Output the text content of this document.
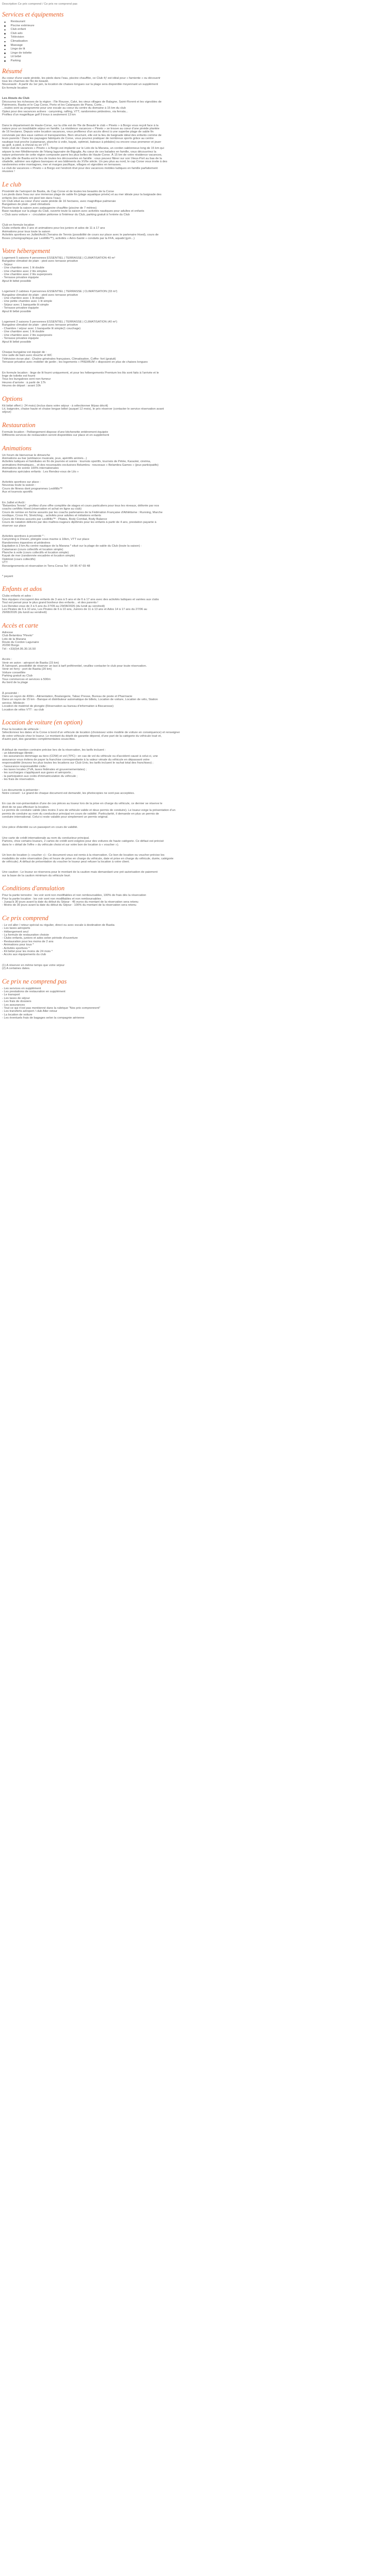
Description Ce prix comprend / Ce prix ne comprend pas
Services et équipements
Restaurant
Piscine extérieure
Club enfant
Club ado
Télévision
Climatisation
Massage
Linge de lit
Linge de toilette
Lit bébé
Parking
Résumé

Au coeur d'une vaste pinède, les pieds dans l'eau, piscine chauffée, ce Club 4ƒ est idéal pour « farniente » ou découvrir

tous les charmes de l'ile de beauté.

Nouveauté : A partir du 1er juin, la location de chaises longues sur la plage sera disponible moyennant un supplément

En formule location

Les Atouts du Club

Découvrez les richesses de la région : l'Ile Rousse, Calvi, les vieux villages de Balagne, Saint-Florent et les vignobles de

Patrimonio, Bastia et le Cap Corse, Porto et les Calanques de Piana, Corte...

...toutes sont au programme pour une escale au coeur du centre du domaine à 15 km du club

Optez pour des vacances actives : canyoning, rafting, VTT, randonnées pédestres, via ferrata...

Profitez d'un magnifique golf 9 trous à seulement 13 km

Dans le département de Haute-Corse, sur la côte est de l'île de Beauté le club « Pineto » à Borgo vous reçoit face à la

nature pour un inoubliable séjour en famille. La résidence vacances « Pineto » se trouve au cœur d'une pinède plantée

de 16 hectares. Depuis votre location vacances, vous profiterez d'un accès direct à une superbe plage de sable fin

conviviale par des eaux calmes et transparentes. Bien structuré, elle est la lieu de baignade idéal des enfants comme de

leurs parents ! Dans les paysages fabriqués de Corse, vous pourrez pratiquer de nombreux sports grâce au centre

nautique tout proche (catamaran, planche à voile, kayak, optimist, bateaux à pédales) ou encore vous promener et jouer

au golf, à pied, à cheval ou en VTT.

Votre club de vacances « Pineto » à Borgo est implanté sur le Lido de la Marana, un cordon sablonneux long de 15 km qui

sépare la mer Méditerranée de l'étang lagunaire de Biguglia. Au cœur de ces balades en famille, vous découvrirez la

nature préservée de cette région composée parmi les plus belles de Haute-Corse. À 15 km de votre résidence vacances,

la jolie ville de Bastia est le lieu de toutes les découvertes en famille : vous pouvez flâner sur son Vieux-Port au bas de la

citadelle, admirer ses églises baroques et ses bâtiments du XVIIe siècle. Un peu plus au nord, le cap Corse vous invite à des

randonnées entre montagnes, mer et marges pacifique, villages et vignobles en terrasses.

Le club de vacances « Pineto » à Borgo est l'endroit rêvé pour des vacances mobiles ludiques en famille parfaitement

réussies !

Le club

Proximité de l'aéroport de Bastia, du Cap Corse et de toutes les beautés de la Corse

Les pieds dans l'eau sur une immense plage de sable fin (plage aquatique privée) et au mer idéale pour la baignade des

enfants (les enfants ont pied loin dans l'eau).

Un Club situé au cœur d'une vaste pinède de 16 hectares, avec magnifique palmeraie

Bungalows de plain - pied climatisés

Piscine toute la saison avec pataugeoire chauffée (piscine de 7 mètres)

Base nautique sur la plage du Club, ouverte toute la saison avec activités nautiques pour adultes et enfants

« Club sans voiture » : circulation piétonne à l'intérieur du Club, parking gratuit à l'entrée du Club

Club en formule location

Clubs enfants dès 3 ans et animations pour les juniors et ados de 11 à 17 ans

Animations pour tous toute la saison

Activités sportives en Juillet/Août (Terrains de Tennis (possibilité de cours sur place avec le partenaire Hoed), cours de

Boxes (chorégraphique par LesMills™), activités « Aéro-Santé » conduits par la FFA, aquatic'gym...)

Votre hébergement

Logement 5 saisons 4 personnes ESSENTIEL | TERRASSE | CLIMATISATION 40 m²

Bungalow climatisé de plain - pied avec terrasse privative

- Séjour

- Une chambre avec 1 lit double

- Une chambre avec 2 lits simples

- Une chambre avec 2 lits superposés

- Terrasse privative équipée

Ajout lit bébé possible

Logement 2 cabines 4 personnes ESSENTIEL | TERRASSE | CLIMATISATION (33 m²)

Bungalow climatisé de plain - pied avec terrasse privative

- Une chambre avec 1 lit double

- Une petite chambre avec 1 lit simple

- Séjour avec 1 banquette lit simple

- Terrasse privative équipée

Ajout lit bébé possible

Logement 2 saisons 5 personnes ESSENTIEL | TERRASSE | CLIMATISATION (40 m²)

Bungalow climatisé de plain - pied avec terrasse privative

- Chambre / séjour avec 1 banquette lit simple(1 couchage)

- Une chambre avec 1 lit double

- Une chambre avec 2 lits superposés

- Terrasse privative équipée

Ajout lit bébé possible

Chaque bungalow est équipé de :

Une salle de bain avec douche et WC

Télévision écran plat ; Chaîne générales françaises, Climatisation, Coffre- fort (gratuit)

Terrasse privative avec mobilier de jardin ; les logements « PREMIUM » disposent en plus de chaises longues

En formule location : linge de lit fourni uniquement, et pour les hébergements Premium les lits sont faits à l'arrivée et le

linge de toilette est fourni

Tous les bungalows sont non-fumeur

Heures d'arrivée : à partir de 17h

Heures de départ : avant 10h

Options

Kit bébé offert (- 24 mois) (inclus dans votre séjour - à sélectionner lit/pas décrit)

Lit, baignoire, chaise haute et chaise longue bébé (auquel 12 mois), le prix réserver (contacter le service réservation avant

séjour)

Restauration

Formule location : l'hébergement dispose d'une kitchenette entièrement équipée

Différents services de restauration seront disponibles sur place et en supplément

Animations

Un forum de bienvenue le dimanche

Animations au bar (ambiance musicale, jeux, apéritifs animés...)

Activités ludiques et familiales en fin de journée et soirée : tournois sportifs, tournois de Pétée, Karaoké, cinéma,

animations thématiques... et des nouveautés exclusives Belambra : nouveaux « Belambra Games » (jeux participatifs)

Animations de soirée 100% internationales

Animations spéciales enfants : Les Rendez-vous de Lilo »

Activités sportives sur place :

Nouveau toute la saison :

Cours de fitness dont programmes LesMills™

Aux et tournois sportifs

En Juillet et Août :

"Belambra Tennis" : profitez d'une offre complète de stages et cours particuliers pour tous les niveaux, délivrée par nos

coachs certifiés Hoed (réservation et achat en ligne au club)

Cours de remise en forme assurés par les coachs partenaires de la Fédération Française d'Athlétisme : Running, Marche

nordique, Cross Fit, Stretching... activités pour adultes et initiations enfants

Cours de Fitness assurés par LesMills™ : Pilates, Body Combat, Body Balance

Cours de natation délivrés par des maîtres-nageurs diplômés pour les enfants à partir de 4 ans, prestation payante à

réserver sur place

Activités sportives à proximité * :

Canyoning à 1heure, plongée sous marine à 10km, VTT sur place

Randonnées équestres et pédestres

Equitation à 3 km Au centre nautique de la Marana * situé sur la plage de sable du Club (toute la saison) :

Catamaran (cours collectifs et location simple)

Planche à voile (cours collectifs et location simple)

Kayak de mer (randonnée encadrée et location simple)

Optimist (cours collectifs)

VTT

Renseignements et réservation in Terra Corsa Tel : 04 95 47 69 48

* payant

Enfants et ados

Clubs enfants et ados :

Nos équipes s'occupent des enfants de 3 ans à 5 ans et de 6 à 17 ans avec des activités ludiques et variées aux clubs

Tout est pensé pour le plus grand bonheur des enfants... et des parents !

Les Rendez-vous de 3 à 5 ans du 27/06 au 29/08/2026 (du lundi au vendredi)

Les Pirates de 6 à 10 ans, Les Pirates de 6 à 10 ans, Juniors de 11 à 13 ans et Ados 14 à 17 ans du 27/06 au

29/08/2026 (du lundi au vendredi)

Accès et carte

Adresse

Club Belambra "Pineto"

Lido de la Marana

Route du Cordon Lagunaire

20290 Borgo

Tél : +33(0)4.95.30.16.50

Accès :

Venir en avion : aéroport de Bastia (15 km)

À l'aéroport, possibilité de réserver un taxi à tarif préférentiel, veuillez contacter le club pour toute réservation.

Venir en ferry : port de Bastia (20 km)

Voiture conseillée

Parking gratuit au Club

Tous commerces et services à 500m

Au bord de la plage

À proximité :

Dans un rayon de 400m - Alimentation, Boulangerie, Tabac Presse, Bureau de poste et Pharmacie

Dans un rayon de 15 km - Banque et distributeur automatique de billets, Location de voiture, Location de vélo, Station

service, Médecin

Location de matériel de plongée (Réservation au bureau d'information à Biscarosse)

Location de vélos VTT : au club

Location de voiture (en option)

Pour la location de véhicule :

Sélectionnez les dates et la Corse à bord d'un véhicule de location (choisissez votre modèle de voiture en conséquence) et renseigner

de votre véhicule chez le loueur. Le montant du dépôt de garantie dépend, d'une part de la catégorie du véhicule loué et,

d'autre part, des garanties complémentaires souscrites.

A défaut de mention contraire précise lors de la réservation, les tarifs incluent :

- un kilométrage illimité ;

- les assurances dommage au tiers (CDW) et vol (TPC) : en cas de vol du véhicule ou d'accident causé à celui-ci, une

assurance vous évitera de payer la franchise correspondante à la valeur vénale du véhicule en dépassant votre

responsabilité (trouvez les plus toutes les locations sur Club Univ, les tarifs incluent le rachat total des franchises) ;

- l'assurance responsabilité civile ;

- les taxes locales (TVA, taxes fédérales et gouvernementales) ;

- les surcharges s'appliquant aux gares et aéroports ;

- la participation aux coûts d'immatriculation du véhicule ;

- les frais de réservation.

Les documents à présenter :

Notre conseil : Le grand de chaque document est demandé, les photocopies ne sont pas acceptées.

En cas de non-présentation d'une de ces pièces au loueur lors de la prise en charge du véhicule, ce dernier se réserve le

droit de ne pas effectuer la location.

Le permis de conduire valide (des moins 3 ans de véhicule valide et deux permis de conduire). Le loueur exige la présentation d'un

permis de conduire au nom du conducteur principal en cours de validité. Particularité, il demande en plus un permis de

conduire international. Celui-ci reste valable pour simplement un permis original.

Une pièce d'identité ou un passeport en cours de validité.

Une carte de crédit internationale au nom du conducteur principal.

Partons, chez certains loueurs, 2 cartes de crédit sont exigées pour des voitures de haute catégorie. Ce défaut est précisé

dans le « détail de l'offre » du véhicule choisi et sur votre bon de location à « voucher »).

Un bon de location (« voucher ») : Ce document vous est remis à la réservation. Ce bon de location ou voucher précise les

modalités de votre réservation (lieu et heure de prise en charge du véhicule, date et prise en charge du véhicule, durée, catégorie

de véhicule). A défaut de présentation du voucher le loueur peut refuser la location à votre client.

Une caution : Le loueur se réservera pour le montant de la caution mais demandant une pré-autorisation de paiement

sur la base de la caution minimum du véhicule loué.

Conditions d'annulation

Pour la partie terrestre : les voir sont non modifiables et non remboursables, 100% de frais dès la réservation

Pour la partie location : les voir sont non modifiables et non remboursables

- Jusqu'à 30 jours avant la date du début du Séjour : 45 euros du montant de la réservation sera retenu

- Moins de 30 jours avant la date du début du Séjour : 100% du montant de la réservation sera retenu

Ce prix comprend

- Le vol aller / retour spécial ou régulier, direct ou avec escale à destination de Bastia

- Les taxes aéroports

- Hébergement seul

- La formule de restauration choisie

- Clubs enfants, juniors et ados selon période d'ouverture

- Restauration pour les moins de 2 ans

- Animations pour tous *

- Activités sportives *

- Kit bébé pour les moins de 24 mois *

- Accès aux équipements du club

(1) A réserver en même temps que votre séjour

(2) A certaines dates.

Ce prix ne comprend pas

- Les services en supplément

- Les prestations de restauration en supplément

- Le transport

- Les taxes de séjour

- Les frais de dossiers

- Les assurances

- Tout ce qui n'est pas mentionné dans la rubrique "Nos prix comprennent"

- Les transferts aéroport / club Aller retour

- La location de voiture

- Les éventuels frais de bagages selon la compagnie aérienne
